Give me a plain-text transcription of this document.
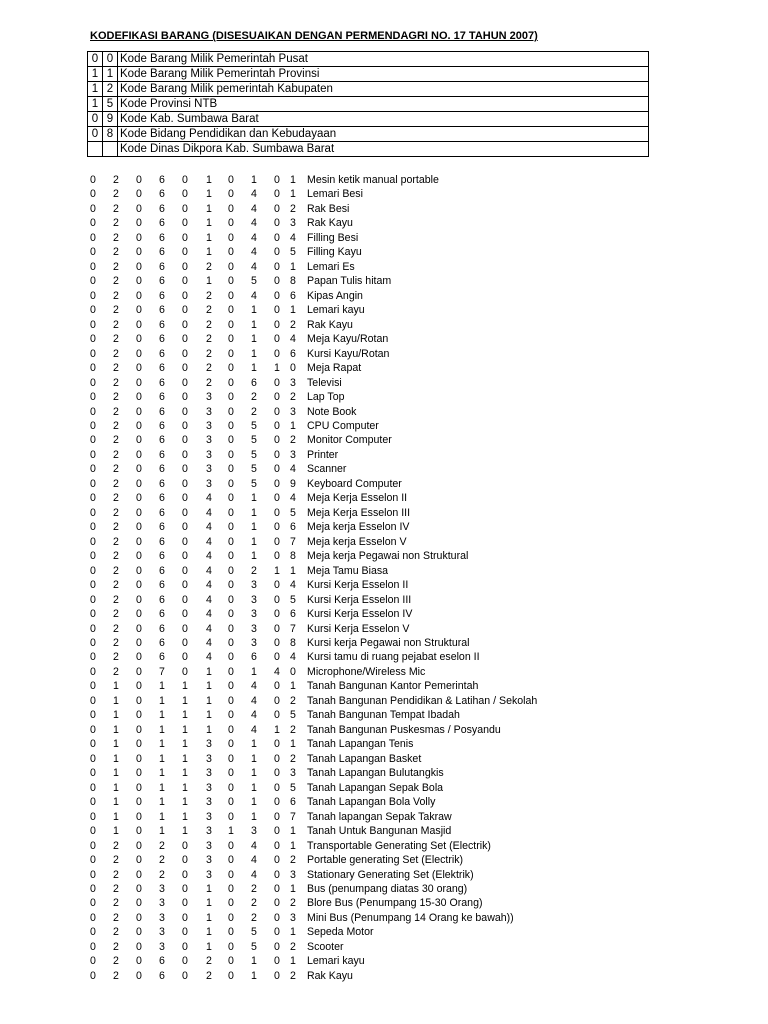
KODEFIKASI BARANG (DISESUAIKAN DENGAN PERMENDAGRI NO. 17 TAHUN 2007)
0	0	Kode Barang Milik Pemerintah Pusat
1	1	Kode Barang Milik Pemerintah Provinsi
1	2	Kode Barang Milik pemerintah Kabupaten
1	5	Kode Provinsi NTB
0	9	Kode Kab. Sumbawa Barat
0	8	Kode Bidang Pendidikan dan Kebudayaan
		Kode Dinas Dikpora Kab. Sumbawa Barat
0 2 0 6 0 1 0 1 0 1 Mesin ketik manual portable
0 2 0 6 0 1 0 4 0 1 Lemari Besi
0 2 0 6 0 1 0 4 0 2 Rak Besi
0 2 0 6 0 1 0 4 0 3 Rak Kayu
0 2 0 6 0 1 0 4 0 4 Filling Besi
0 2 0 6 0 1 0 4 0 5 Filling Kayu
0 2 0 6 0 2 0 4 0 1 Lemari Es
0 2 0 6 0 1 0 5 0 8 Papan Tulis hitam
0 2 0 6 0 2 0 4 0 6 Kipas Angin
0 2 0 6 0 2 0 1 0 1 Lemari kayu
0 2 0 6 0 2 0 1 0 2 Rak Kayu
0 2 0 6 0 2 0 1 0 4 Meja Kayu/Rotan
0 2 0 6 0 2 0 1 0 6 Kursi Kayu/Rotan
0 2 0 6 0 2 0 1 1 0 Meja Rapat
0 2 0 6 0 2 0 6 0 3 Televisi
0 2 0 6 0 3 0 2 0 2 Lap Top
0 2 0 6 0 3 0 2 0 3 Note Book
0 2 0 6 0 3 0 5 0 1 CPU Computer
0 2 0 6 0 3 0 5 0 2 Monitor Computer
0 2 0 6 0 3 0 5 0 3 Printer
0 2 0 6 0 3 0 5 0 4 Scanner
0 2 0 6 0 3 0 5 0 9 Keyboard Computer
0 2 0 6 0 4 0 1 0 4 Meja Kerja Esselon II
0 2 0 6 0 4 0 1 0 5 Meja Kerja Esselon III
0 2 0 6 0 4 0 1 0 6 Meja kerja Esselon IV
0 2 0 6 0 4 0 1 0 7 Meja kerja Esselon V
0 2 0 6 0 4 0 1 0 8 Meja kerja Pegawai non Struktural
0 2 0 6 0 4 0 2 1 1 Meja Tamu Biasa
0 2 0 6 0 4 0 3 0 4 Kursi Kerja Esselon II
0 2 0 6 0 4 0 3 0 5 Kursi Kerja Esselon III
0 2 0 6 0 4 0 3 0 6 Kursi Kerja Esselon IV
0 2 0 6 0 4 0 3 0 7 Kursi Kerja Esselon V
0 2 0 6 0 4 0 3 0 8 Kursi kerja Pegawai non Struktural
0 2 0 6 0 4 0 6 0 4 Kursi tamu di ruang pejabat eselon II
0 2 0 7 0 1 0 1 4 0 Microphone/Wireless Mic
0 1 0 1 1 1 0 4 0 1 Tanah Bangunan Kantor Pemerintah
0 1 0 1 1 1 0 4 0 2 Tanah Bangunan Pendidikan & Latihan / Sekolah
0 1 0 1 1 1 0 4 0 5 Tanah Bangunan Tempat Ibadah
0 1 0 1 1 1 0 4 1 2 Tanah Bangunan Puskesmas / Posyandu
0 1 0 1 1 3 0 1 0 1 Tanah Lapangan Tenis
0 1 0 1 1 3 0 1 0 2 Tanah Lapangan Basket
0 1 0 1 1 3 0 1 0 3 Tanah Lapangan Bulutangkis
0 1 0 1 1 3 0 1 0 5 Tanah Lapangan Sepak Bola
0 1 0 1 1 3 0 1 0 6 Tanah Lapangan Bola Volly
0 1 0 1 1 3 0 1 0 7 Tanah lapangan Sepak Takraw
0 1 0 1 1 3 1 3 0 1 Tanah Untuk Bangunan Masjid
0 2 0 2 0 3 0 4 0 1 Transportable Generating Set (Electrik)
0 2 0 2 0 3 0 4 0 2 Portable generating Set (Electrik)
0 2 0 2 0 3 0 4 0 3 Stationary Generating Set (Elektrik)
0 2 0 3 0 1 0 2 0 1 Bus (penumpang diatas 30 orang)
0 2 0 3 0 1 0 2 0 2 Blore Bus (Penumpang 15-30 Orang)
0 2 0 3 0 1 0 2 0 3 Mini Bus (Penumpang 14 Orang ke bawah))
0 2 0 3 0 1 0 5 0 1 Sepeda Motor
0 2 0 3 0 1 0 5 0 2 Scooter
0 2 0 6 0 2 0 1 0 1 Lemari kayu
0 2 0 6 0 2 0 1 0 2 Rak Kayu
